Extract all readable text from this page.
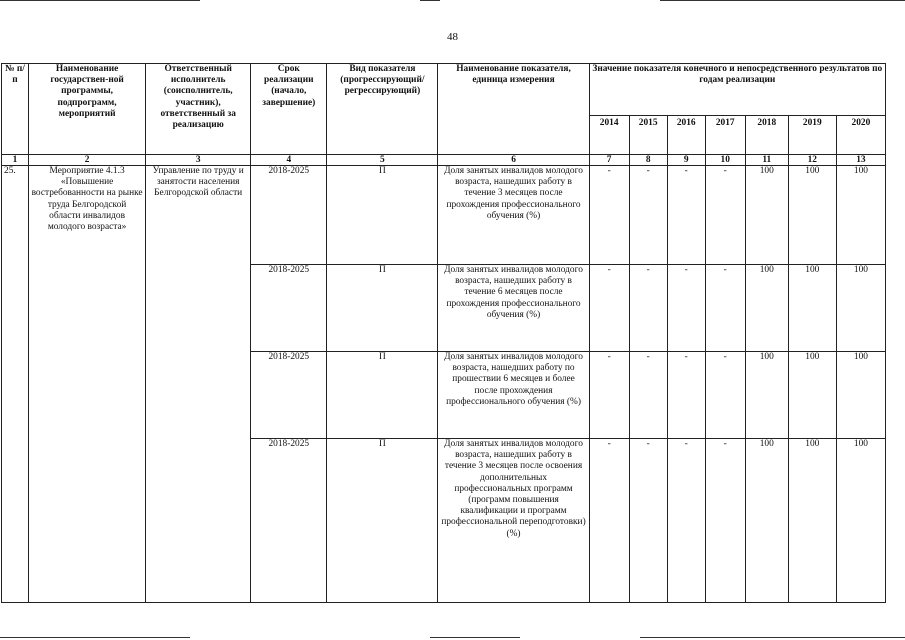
48
№ п/п	Наименование государствен-ной программы, подпрограмм, мероприятий	Ответственный исполнитель (соисполнитель, участник), ответственный за реализацию	Срок реализации (начало, завершение)	Вид показателя (прогрессирующий/ регрессирующий)	Наименование показателя, единица измерения	Значение показателя конечного и непосредственного результатов по годам реализации						
						2014	2015	2016	2017	2018	2019	2020
1	2	3	4	5	6	7	8	9	10	11	12	13
25.	Мероприятие 4.1.3 «Повышение востребованности на рынке труда Белгородской области инвалидов молодого возраста»	Управление по труду и занятости населения Белгородской области	2018-2025	П	Доля занятых инвалидов молодого возраста, нашедших работу в течение 3 месяцев после прохождения профессионального обучения (%)	-	-	-	-	100	100	100
			2018-2025	П	Доля занятых инвалидов молодого возраста, нашедших работу в течение 6 месяцев после прохождения профессионального обучения (%)	-	-	-	-	100	100	100
			2018-2025	П	Доля занятых инвалидов молодого возраста, нашедших работу по прошествии 6 месяцев и более после прохождения профессионального обучения (%)	-	-	-	-	100	100	100
			2018-2025	П	Доля занятых инвалидов молодого возраста, нашедших работу в течение 3 месяцев после освоения дополнительных профессиональных программ (программ повышения квалификации и программ профессиональной переподготовки) (%)	-	-	-	-	100	100	100
